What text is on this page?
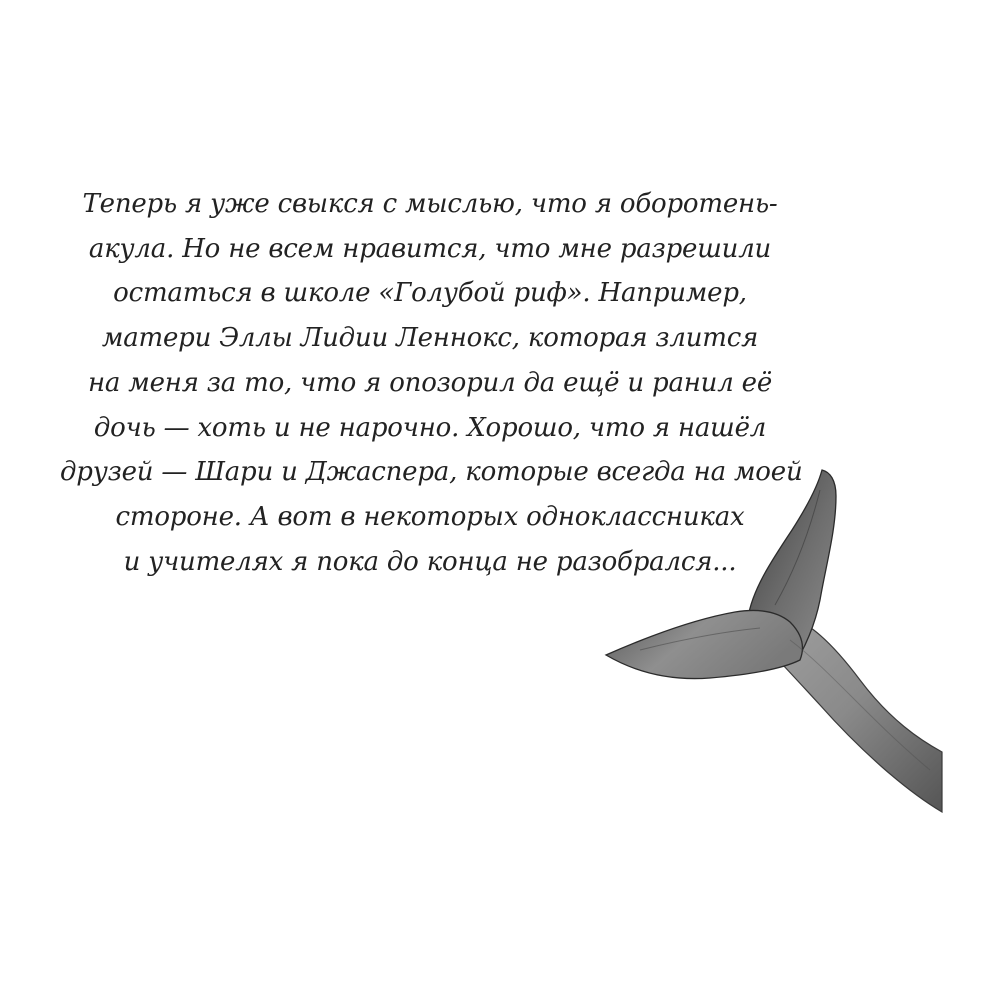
Теперь я уже свыкся с мыслью, что я оборотень-
акула. Но не всем нравится, что мне разрешили
остаться в школе «Голубой риф». Например,
матери Эллы Лидии Леннокс, которая злится
на меня за то, что я опозорил да ещё и ранил её
дочь — хоть и не нарочно. Хорошо, что я нашёл
друзей — Шари и Джаспера, которые всегда на моей
стороне. А вот в некоторых одноклассниках
и учителях я пока до конца не разобрался...
